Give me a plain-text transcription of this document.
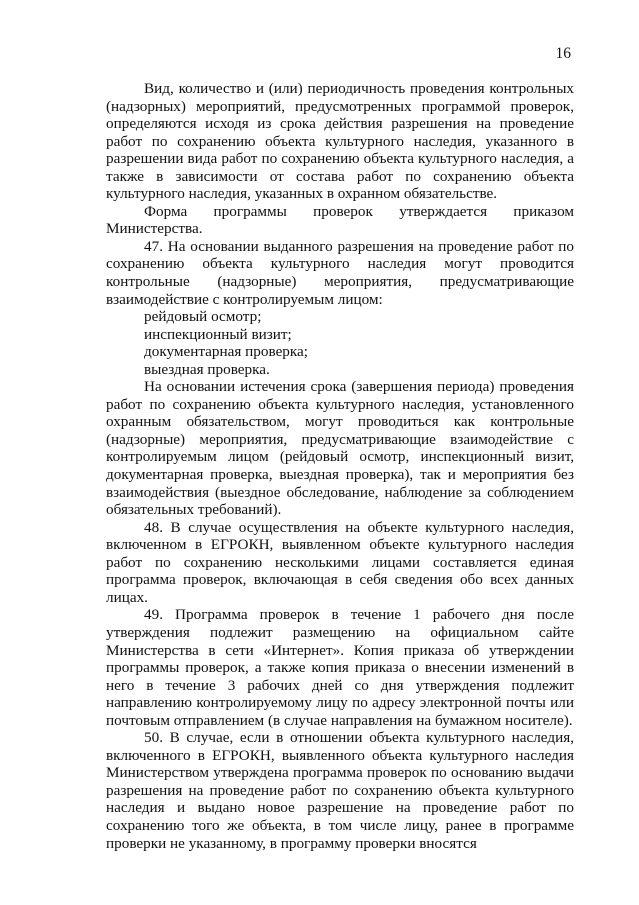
16

Вид, количество и (или) периодичность проведения контрольных (надзорных) мероприятий, предусмотренных программой проверок, определяются исходя из срока действия разрешения на проведение работ по сохранению объекта культурного наследия, указанного в разрешении вида работ по сохранению объекта культурного наследия, а также в зависимости от состава работ по сохранению объекта культурного наследия, указанных в охранном обязательстве.

Форма программы проверок утверждается приказом Министерства.

47. На основании выданного разрешения на проведение работ по сохранению объекта культурного наследия могут проводится контрольные (надзорные) мероприятия, предусматривающие взаимодействие с контролируемым лицом:

рейдовый осмотр;

инспекционный визит;

документарная проверка;

выездная проверка.

На основании истечения срока (завершения периода) проведения работ по сохранению объекта культурного наследия, установленного охранным обязательством, могут проводиться как контрольные (надзорные) мероприятия, предусматривающие взаимодействие с контролируемым лицом (рейдовый осмотр, инспекционный визит, документарная проверка, выездная проверка), так и мероприятия без взаимодействия (выездное обследование, наблюдение за соблюдением обязательных требований).

48. В случае осуществления на объекте культурного наследия, включенном в ЕГРОКН, выявленном объекте культурного наследия работ по сохранению несколькими лицами составляется единая программа проверок, включающая в себя сведения обо всех данных лицах.

49. Программа проверок в течение 1 рабочего дня после утверждения подлежит размещению на официальном сайте Министерства в сети «Интернет». Копия приказа об утверждении программы проверок, а также копия приказа о внесении изменений в него в течение 3 рабочих дней со дня утверждения подлежит направлению контролируемому лицу по адресу электронной почты или почтовым отправлением (в случае направления на бумажном носителе).

50. В случае, если в отношении объекта культурного наследия, включенного в ЕГРОКН, выявленного объекта культурного наследия Министерством утверждена программа проверок по основанию выдачи разрешения на проведение работ по сохранению объекта культурного наследия и выдано новое разрешение на проведение работ по сохранению того же объекта, в том числе лицу, ранее в программе проверки не указанному, в программу проверки вносятся
